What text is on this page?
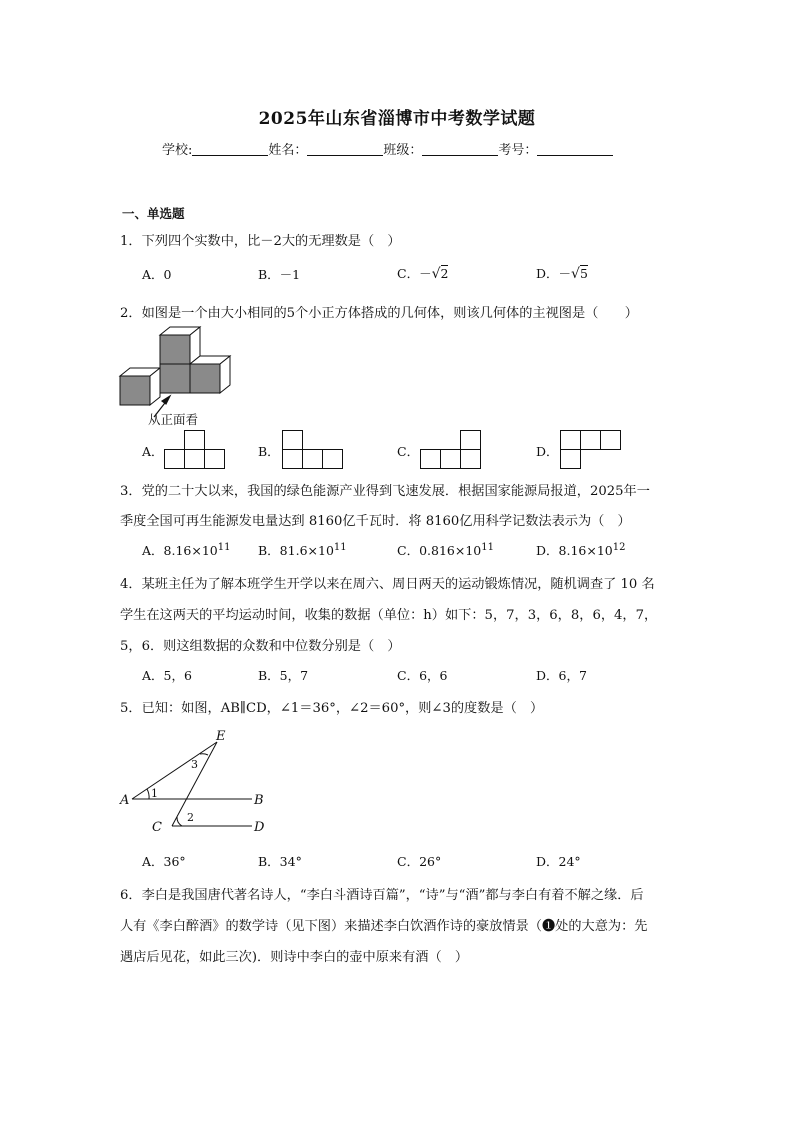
2025年山东省淄博市中考数学试题
学校:	姓名：	班级：	考号：
一、单选题
1．下列四个实数中，比－2大的无理数是（　）
A．0	B．－1	C．－√2	D．－√5
2．如图是一个由大小相同的5个小正方体搭成的几何体，则该几何体的主视图是（　　）
从正面看
A．	B．	C．	D．
3．党的二十大以来，我国的绿色能源产业得到飞速发展．根据国家能源局报道，2025年一
季度全国可再生能源发电量达到 8160亿千瓦时．将 8160亿用科学记数法表示为（　）
A．$8.16\times 10^{11}$ B．$81.6\times 10^{11}$	C．$0.816\times 10^{11}$	D．$8.16\times 10^{12}$
4．某班主任为了解本班学生开学以来在周六、周日两天的运动锻炼情况，随机调查了 10 名
学生在这两天的平均运动时间，收集的数据（单位：h）如下：5，7，3，6，8，6，4，7，
5，6．则这组数据的众数和中位数分别是（　）
A．5，6	B．5，7	C．6，6	D．6，7
5．已知：如图，AB∥CD，∠1＝36°，∠2＝60°，则∠3的度数是（　）
A	B
C	D
E
1
2
3
A．36°	B．34°	C．26°	D．24°
6．李白是我国唐代著名诗人，“李白斗酒诗百篇”，“诗”与“酒”都与李白有着不解之缘．后
人有《李白醉酒》的数学诗（见下图）来描述李白饮酒作诗的豪放情景（❶处的大意为：先
遇店后见花，如此三次)．则诗中李白的壶中原来有酒（　）
